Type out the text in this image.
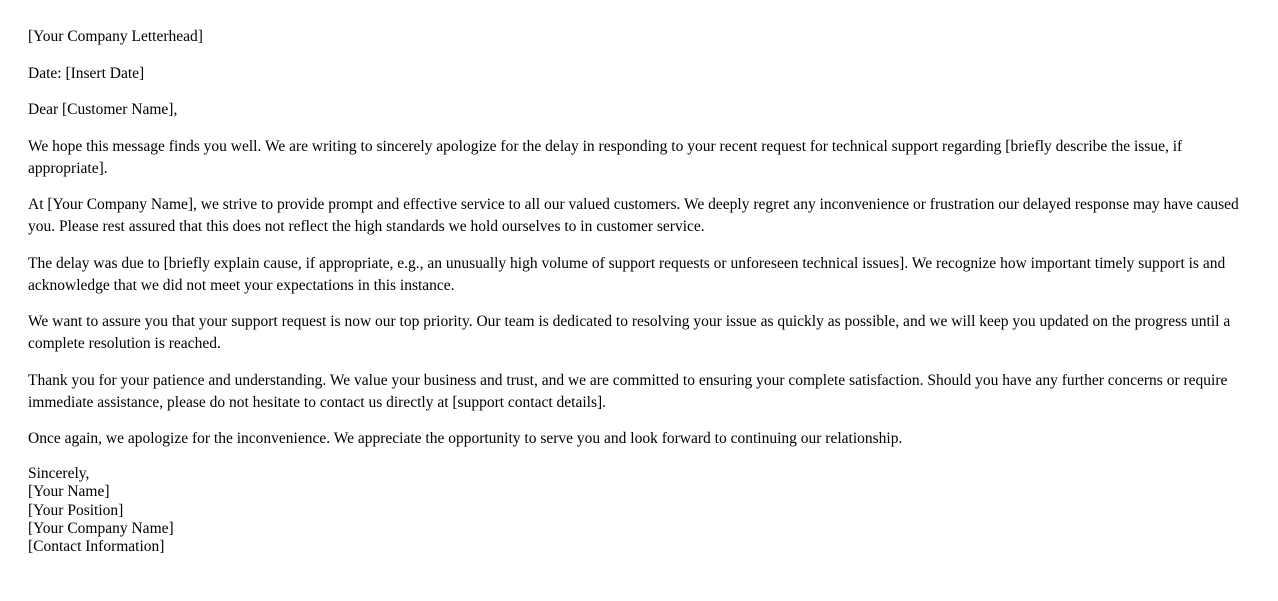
[Your Company Letterhead]

Date: [Insert Date]

Dear [Customer Name],

We hope this message finds you well. We are writing to sincerely apologize for the delay in responding to your recent request for technical support regarding [briefly describe the issue, if appropriate].

At [Your Company Name], we strive to provide prompt and effective service to all our valued customers. We deeply regret any inconvenience or frustration our delayed response may have caused you. Please rest assured that this does not reflect the high standards we hold ourselves to in customer service.

The delay was due to [briefly explain cause, if appropriate, e.g., an unusually high volume of support requests or unforeseen technical issues]. We recognize how important timely support is and acknowledge that we did not meet your expectations in this instance.

We want to assure you that your support request is now our top priority. Our team is dedicated to resolving your issue as quickly as possible, and we will keep you updated on the progress until a complete resolution is reached.

Thank you for your patience and understanding. We value your business and trust, and we are committed to ensuring your complete satisfaction. Should you have any further concerns or require immediate assistance, please do not hesitate to contact us directly at [support contact details].

Once again, we apologize for the inconvenience. We appreciate the opportunity to serve you and look forward to continuing our relationship.

Sincerely,
[Your Name]
[Your Position]
[Your Company Name]
[Contact Information]
